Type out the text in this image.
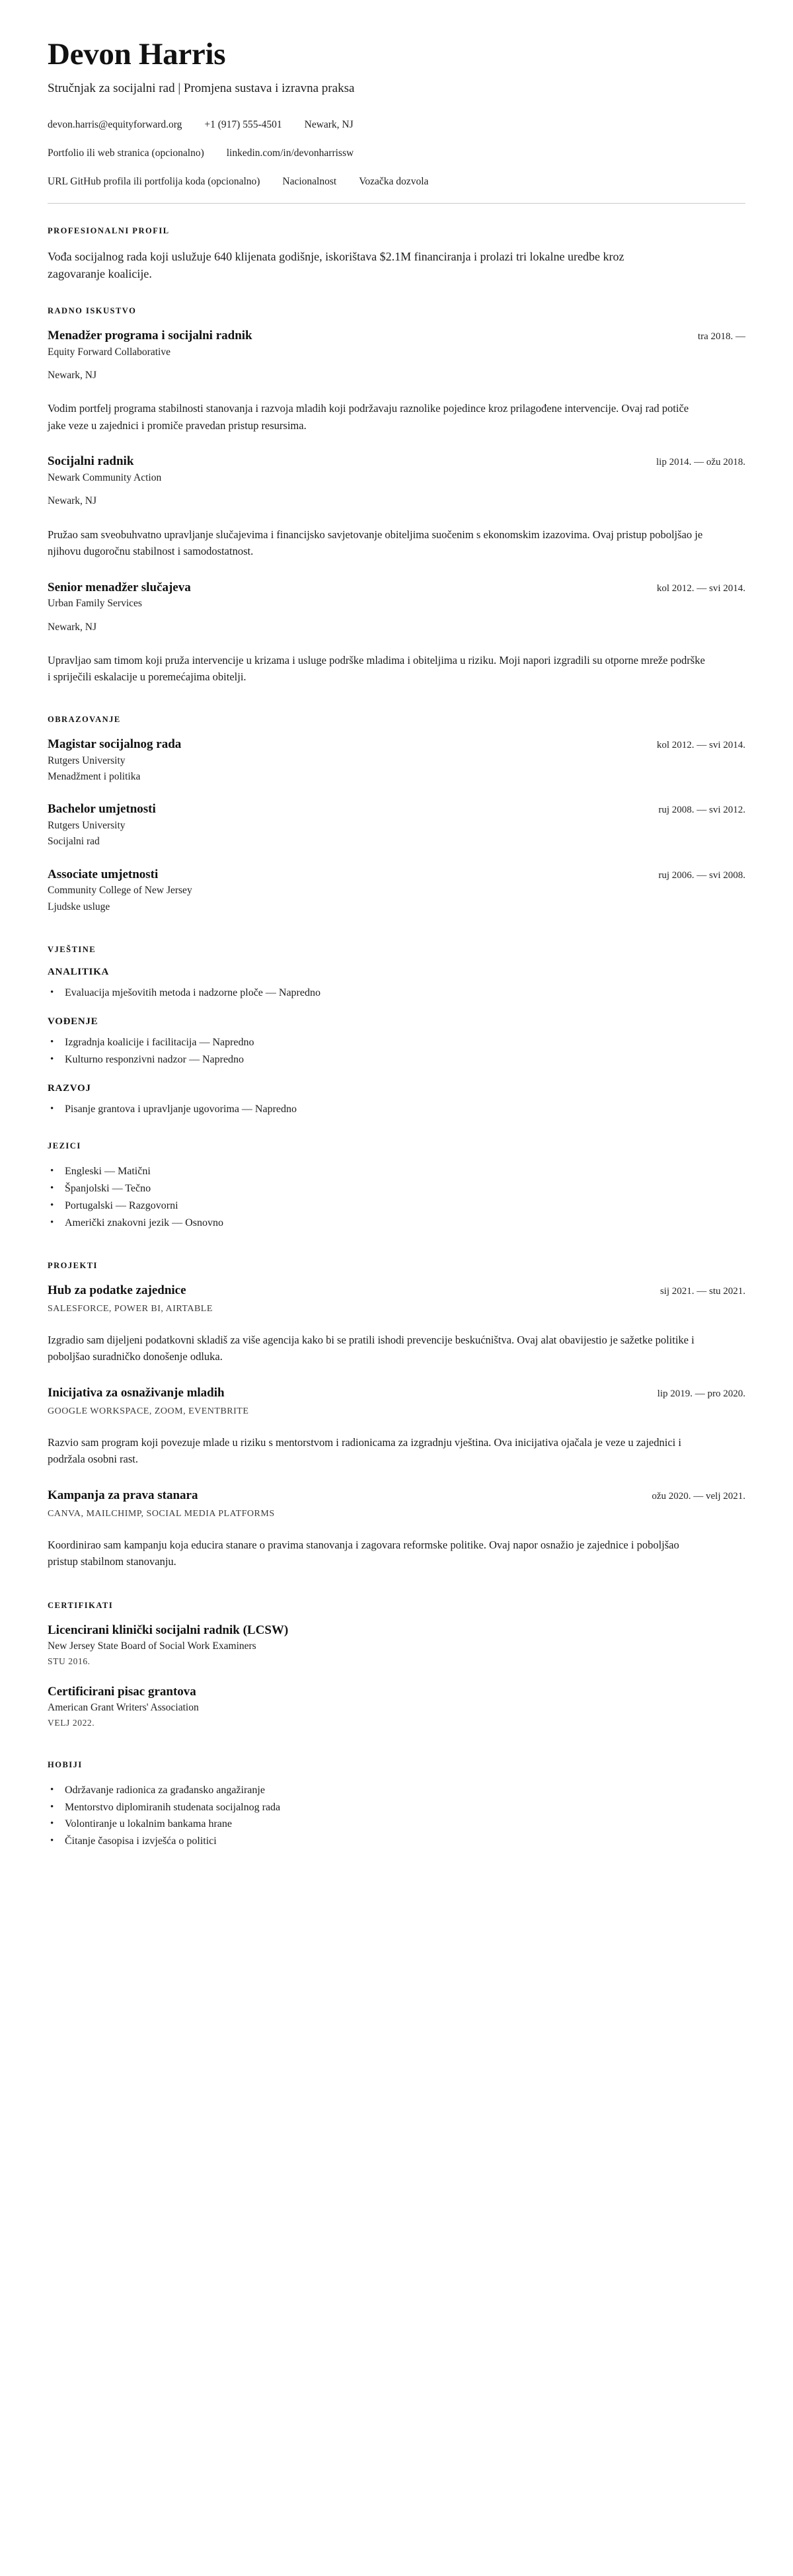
Devon Harris

Stručnjak za socijalni rad | Promjena sustava i izravna praksa

devon.harris@equityforward.org +1 (917) 555-4501 Newark, NJ
Portfolio ili web stranica (opcionalno) linkedin.com/in/devonharrissw
URL GitHub profila ili portfolija koda (opcionalno) Nacionalnost Vozačka dozvola
PROFESIONALNI PROFIL

Vođa socijalnog rada koji uslužuje 640 klijenata godišnje, iskorištava $2.1M financiranja i prolazi tri lokalne uredbe kroz zagovaranje koalicije.

RADNO ISKUSTVO
Menadžer programa i socijalni radnik	tra 2018. —
Equity Forward Collaborative
Newark, NJ

Vodim portfelj programa stabilnosti stanovanja i razvoja mladih koji podržavaju raznolike pojedince kroz prilagođene intervencije. Ovaj rad potiče jake veze u zajednici i promiče pravedan pristup resursima.

Socijalni radnik	lip 2014. — ožu 2018.
Newark Community Action
Newark, NJ

Pružao sam sveobuhvatno upravljanje slučajevima i financijsko savjetovanje obiteljima suočenim s ekonomskim izazovima. Ovaj pristup poboljšao je njihovu dugoročnu stabilnost i samodostatnost.

Senior menadžer slučajeva	kol 2012. — svi 2014.
Urban Family Services
Newark, NJ

Upravljao sam timom koji pruža intervencije u krizama i usluge podrške mladima i obiteljima u riziku. Moji napori izgradili su otporne mreže podrške i spriječili eskalacije u poremećajima obitelji.

OBRAZOVANJE
Magistar socijalnog rada	kol 2012. — svi 2014.
Rutgers University
Menadžment i politika
Bachelor umjetnosti	ruj 2008. — svi 2012.
Rutgers University
Socijalni rad
Associate umjetnosti	ruj 2006. — svi 2008.
Community College of New Jersey
Ljudske usluge
VJEŠTINE
ANALITIKA
• Evaluacija mješovitih metoda i nadzorne ploče — Napredno
VOĐENJE
• Izgradnja koalicije i facilitacija — Napredno
• Kulturno responzivni nadzor — Napredno
RAZVOJ
• Pisanje grantova i upravljanje ugovorima — Napredno
JEZICI
• Engleski — Matični
• Španjolski — Tečno
• Portugalski — Razgovorni
• Američki znakovni jezik — Osnovno
PROJEKTI
Hub za podatke zajednice	sij 2021. — stu 2021.
SALESFORCE, POWER BI, AIRTABLE

Izgradio sam dijeljeni podatkovni skladiš za više agencija kako bi se pratili ishodi prevencije beskućništva. Ovaj alat obavijestio je sažetke politike i poboljšao suradničko donošenje odluka.

Inicijativa za osnaživanje mladih	lip 2019. — pro 2020.
GOOGLE WORKSPACE, ZOOM, EVENTBRITE

Razvio sam program koji povezuje mlade u riziku s mentorstvom i radionicama za izgradnju vještina. Ova inicijativa ojačala je veze u zajednici i podržala osobni rast.

Kampanja za prava stanara	ožu 2020. — velj 2021.
CANVA, MAILCHIMP, SOCIAL MEDIA PLATFORMS

Koordinirao sam kampanju koja educira stanare o pravima stanovanja i zagovara reformske politike. Ovaj napor osnažio je zajednice i poboljšao pristup stabilnom stanovanju.

CERTIFIKATI
Licencirani klinički socijalni radnik (LCSW)
New Jersey State Board of Social Work Examiners
STU 2016.
Certificirani pisac grantova
American Grant Writers' Association
VELJ 2022.
HOBIJI
• Održavanje radionica za građansko angažiranje
• Mentorstvo diplomiranih studenata socijalnog rada
• Volontiranje u lokalnim bankama hrane
• Čitanje časopisa i izvješća o politici
